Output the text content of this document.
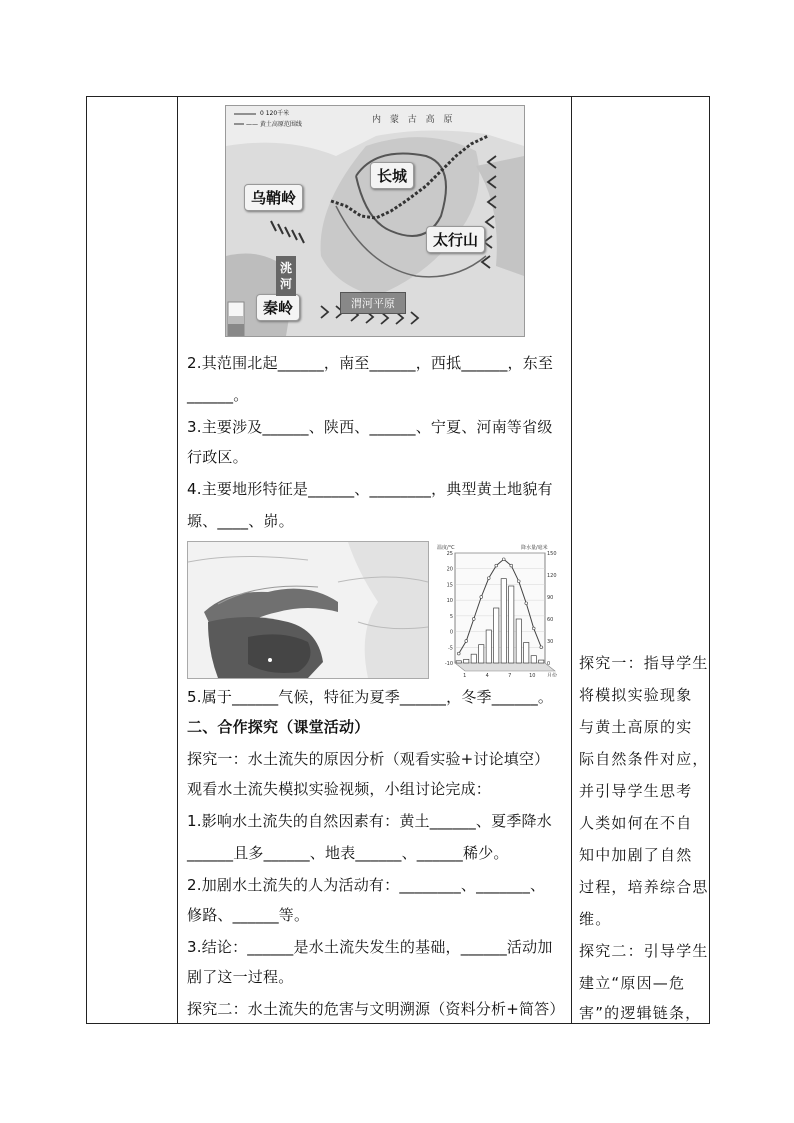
0 120千米
—— 黄土高原范围线	内 蒙 古 高 原
长城
乌鞘岭
太行山
秦岭
洮河
渭河平原
2.其范围北起______，南至______，西抵______，东至
______。
3.主要涉及______、陕西、______、宁夏、河南等省级
行政区。
4.主要地形特征是______、________，典型黄土地貌有
塬、____、峁。
温度/°C	降水量/毫米
25
20
15
10
5
0
-5
-10
150
120
90
60
30
0
1	4	7	10 月份
5.属于______气候，特征为夏季______，冬季______。
二、合作探究（课堂活动）
探究一：水土流失的原因分析（观看实验+讨论填空）
观看水土流失模拟实验视频，小组讨论完成：
1.影响水土流失的自然因素有：黄土______、夏季降水
______且多______、地表______、______稀少。
2.加剧水土流失的人为活动有：________、_______、
修路、______等。
3.结论：______是水土流失发生的基础，______活动加
剧了这一过程。
探究二：水土流失的危害与文明溯源（资料分析+简答）
探究一：指导学生
将模拟实验现象
与黄土高原的实
际自然条件对应，
并引导学生思考
人类如何在不自
知中加剧了自然
过程，培养综合思
维。
探究二：引导学生
建立“原因—危
害”的逻辑链条，
